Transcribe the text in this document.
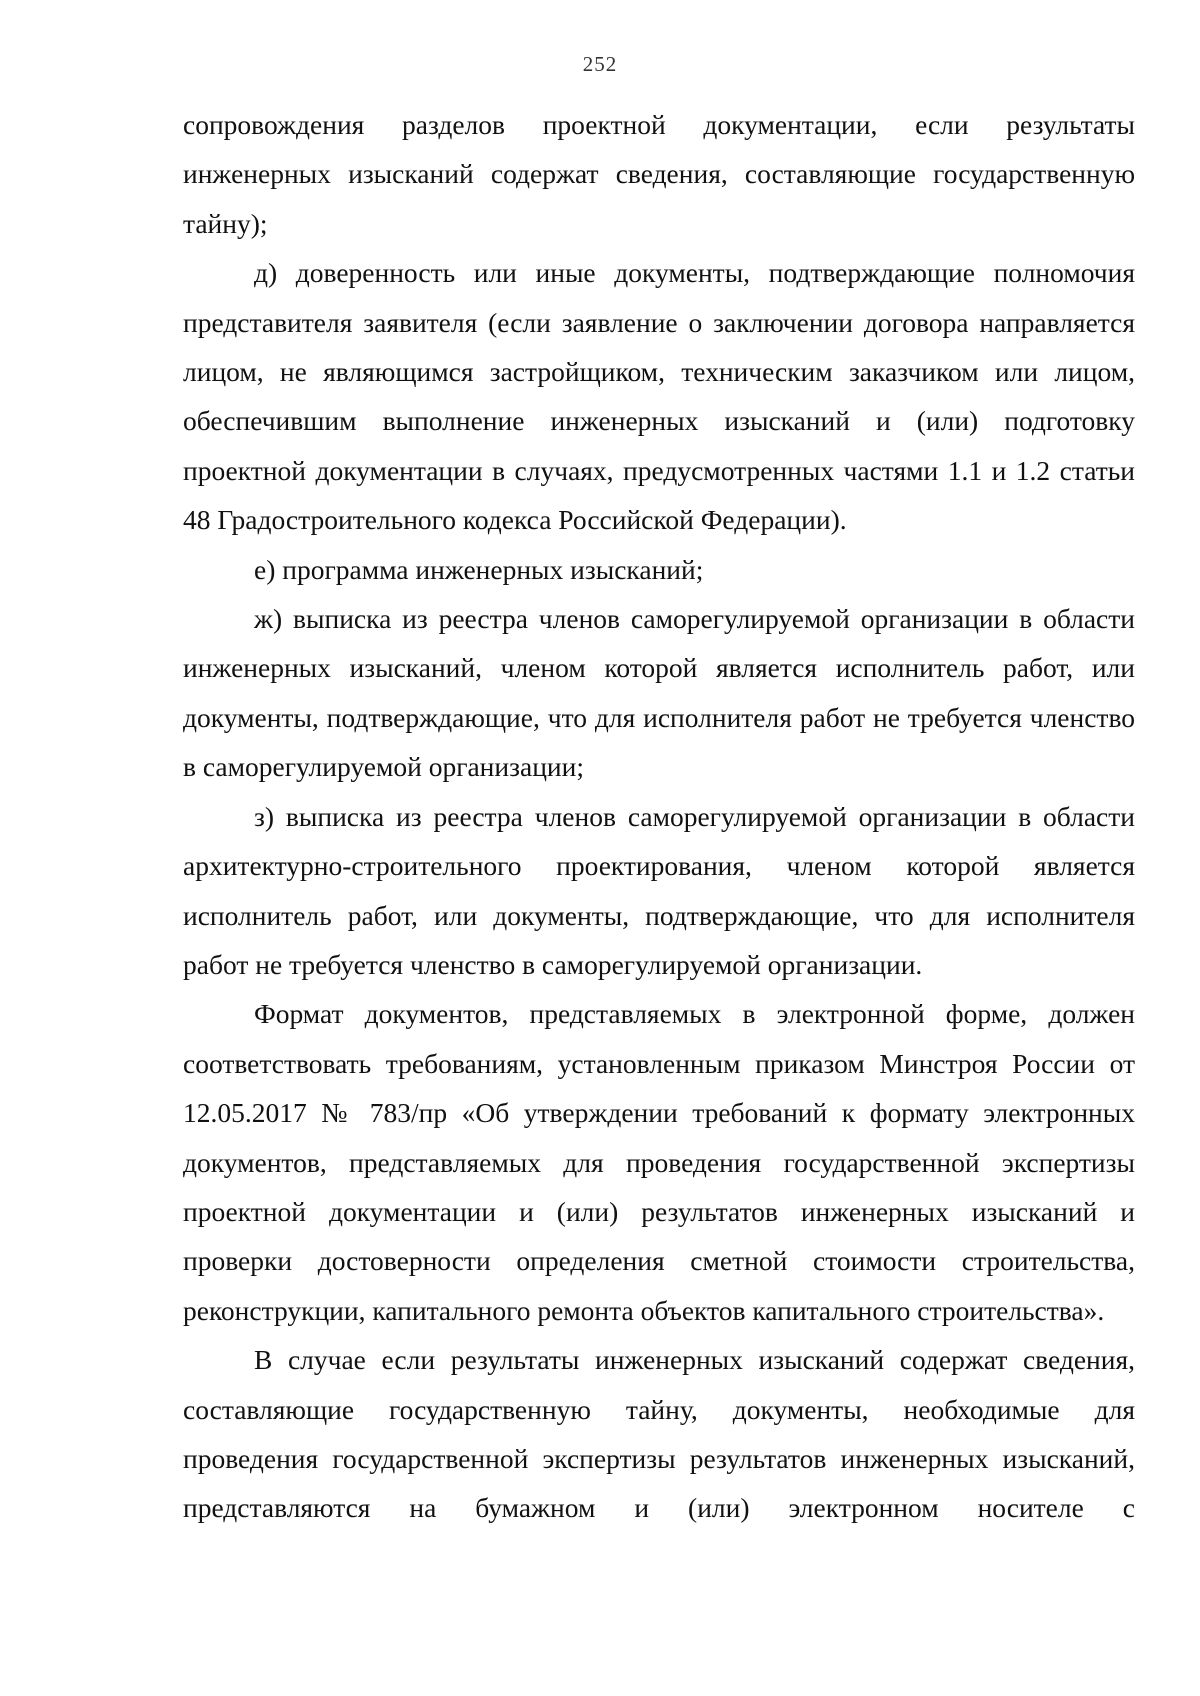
252

сопровождения разделов проектной документации, если результаты инженерных изысканий содержат сведения, составляющие государственную тайну);

д) доверенность или иные документы, подтверждающие полномочия представителя заявителя (если заявление о заключении договора направляется лицом, не являющимся застройщиком, техническим заказчиком или лицом, обеспечившим выполнение инженерных изысканий и (или) подготовку проектной документации в случаях, предусмотренных частями 1.1 и 1.2 статьи 48 Градостроительного кодекса Российской Федерации).

е) программа инженерных изысканий;

ж) выписка из реестра членов саморегулируемой организации в области инженерных изысканий, членом которой является исполнитель работ, или документы, подтверждающие, что для исполнителя работ не требуется членство в саморегулируемой организации;

з) выписка из реестра членов саморегулируемой организации в области архитектурно-строительного проектирования, членом которой является исполнитель работ, или документы, подтверждающие, что для исполнителя работ не требуется членство в саморегулируемой организации.

Формат документов, представляемых в электронной форме, должен соответствовать требованиям, установленным приказом Минстроя России от 12.05.2017 № 783/пр «Об утверждении требований к формату электронных документов, представляемых для проведения государственной экспертизы проектной документации и (или) результатов инженерных изысканий и проверки достоверности определения сметной стоимости строительства, реконструкции, капитального ремонта объектов капитального строительства».

В случае если результаты инженерных изысканий содержат сведения, составляющие государственную тайну, документы, необходимые для проведения государственной экспертизы результатов инженерных изысканий, представляются на бумажном и (или) электронном носителе с
